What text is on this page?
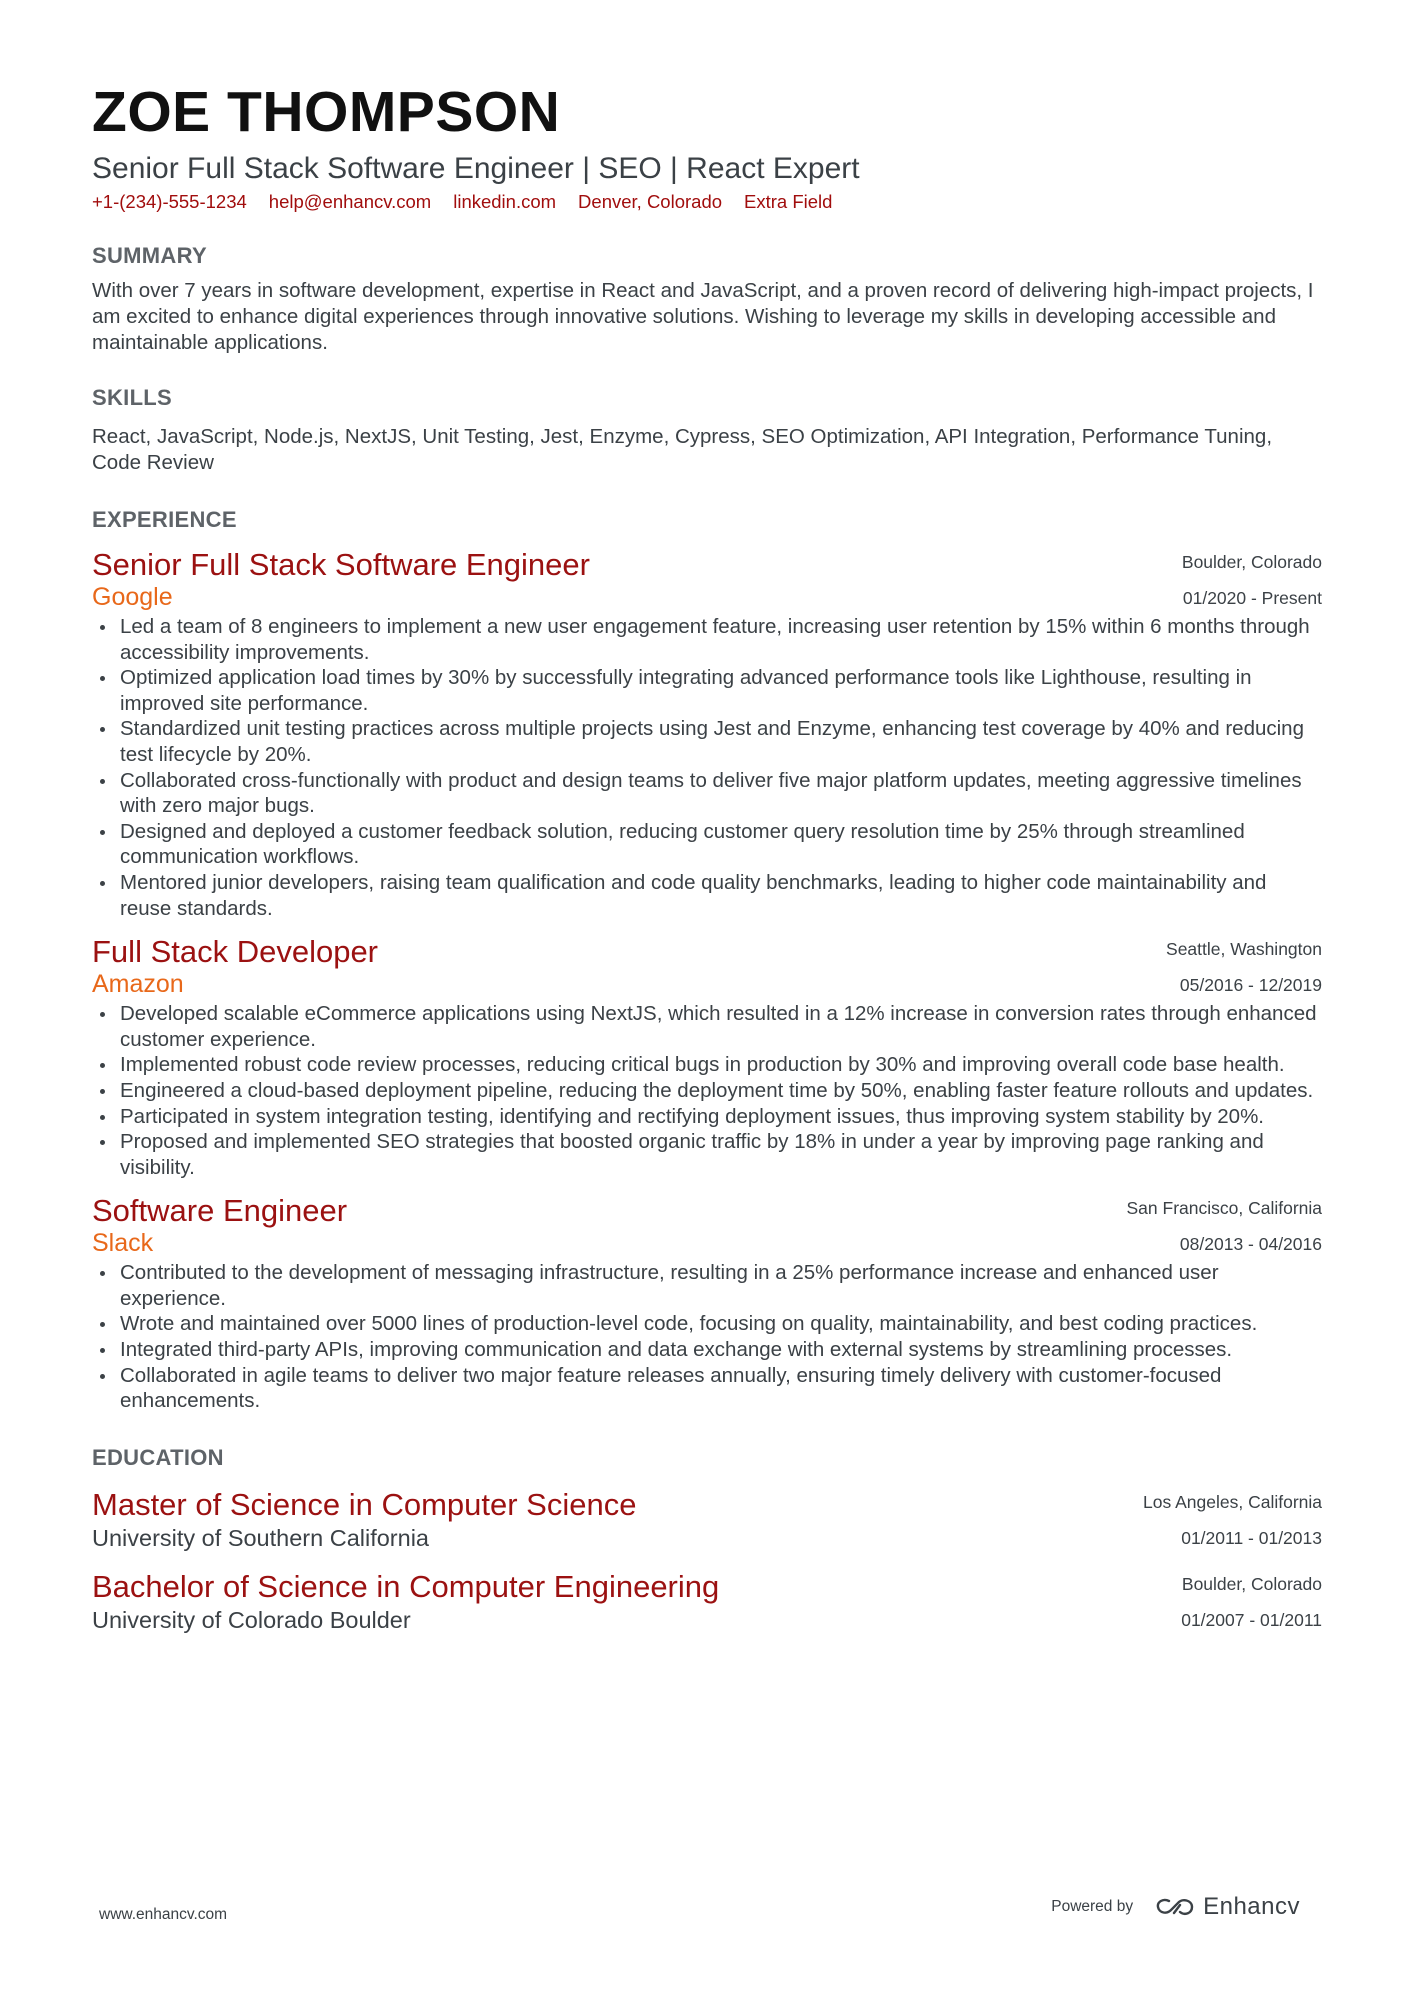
ZOE THOMPSON
Senior Full Stack Software Engineer | SEO | React Expert
+1-(234)-555-1234 help@enhancv.com linkedin.com Denver, Colorado Extra Field
SUMMARY
With over 7 years in software development, expertise in React and JavaScript, and a proven record of delivering high-impact projects, I am excited to enhance digital experiences through innovative solutions. Wishing to leverage my skills in developing accessible and maintainable applications.
SKILLS
React, JavaScript, Node.js, NextJS, Unit Testing, Jest, Enzyme, Cypress, SEO Optimization, API Integration, Performance Tuning, Code Review
EXPERIENCE
Senior Full Stack Software Engineer
Google
Boulder, Colorado
01/2020 - Present
Led a team of 8 engineers to implement a new user engagement feature, increasing user retention by 15% within 6 months through accessibility improvements.
Optimized application load times by 30% by successfully integrating advanced performance tools like Lighthouse, resulting in improved site performance.
Standardized unit testing practices across multiple projects using Jest and Enzyme, enhancing test coverage by 40% and reducing test lifecycle by 20%.
Collaborated cross-functionally with product and design teams to deliver five major platform updates, meeting aggressive timelines with zero major bugs.
Designed and deployed a customer feedback solution, reducing customer query resolution time by 25% through streamlined communication workflows.
Mentored junior developers, raising team qualification and code quality benchmarks, leading to higher code maintainability and reuse standards.
Full Stack Developer
Amazon
Seattle, Washington
05/2016 - 12/2019
Developed scalable eCommerce applications using NextJS, which resulted in a 12% increase in conversion rates through enhanced customer experience.
Implemented robust code review processes, reducing critical bugs in production by 30% and improving overall code base health.
Engineered a cloud-based deployment pipeline, reducing the deployment time by 50%, enabling faster feature rollouts and updates.
Participated in system integration testing, identifying and rectifying deployment issues, thus improving system stability by 20%.
Proposed and implemented SEO strategies that boosted organic traffic by 18% in under a year by improving page ranking and visibility.
Software Engineer
Slack
San Francisco, California
08/2013 - 04/2016
Contributed to the development of messaging infrastructure, resulting in a 25% performance increase and enhanced user experience.
Wrote and maintained over 5000 lines of production-level code, focusing on quality, maintainability, and best coding practices.
Integrated third-party APIs, improving communication and data exchange with external systems by streamlining processes.
Collaborated in agile teams to deliver two major feature releases annually, ensuring timely delivery with customer-focused enhancements.
EDUCATION
Master of Science in Computer Science
University of Southern California
Los Angeles, California
01/2011 - 01/2013
Bachelor of Science in Computer Engineering
University of Colorado Boulder
Boulder, Colorado
01/2007 - 01/2011
www.enhancv.com	Powered by	Enhancv
